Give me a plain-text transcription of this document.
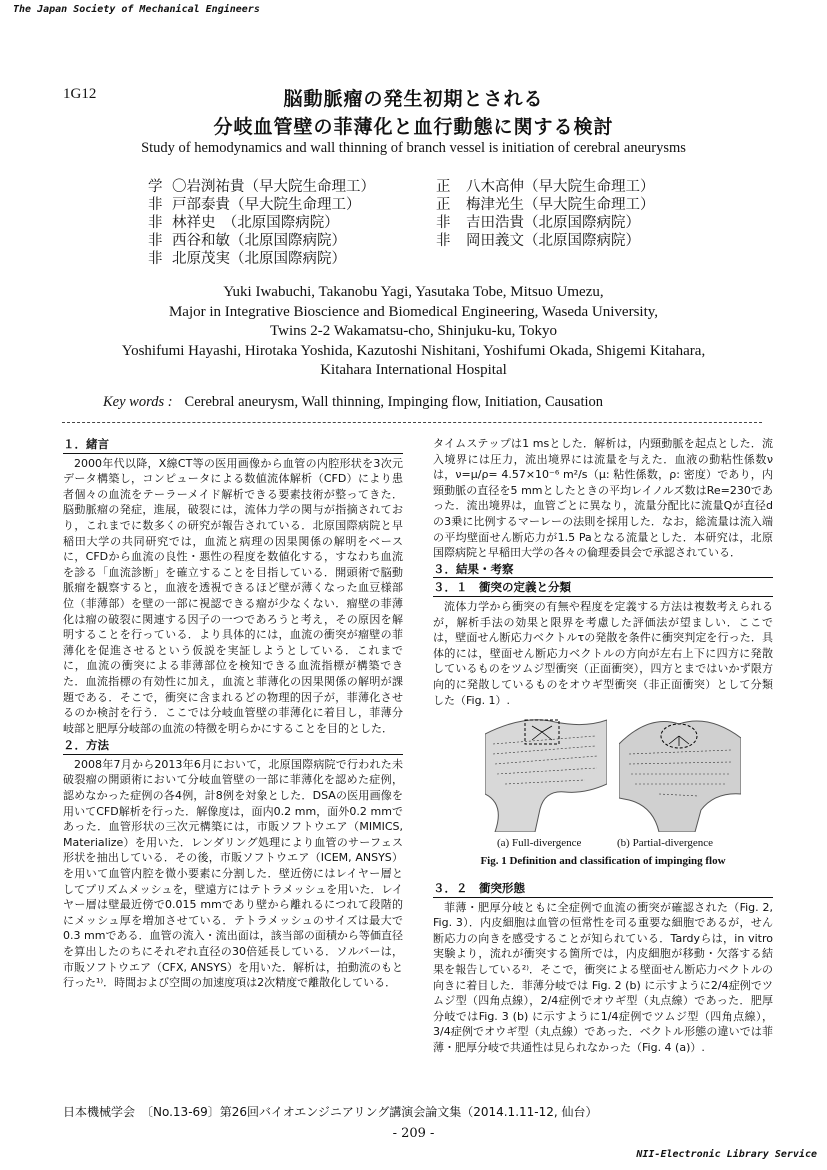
The Japan Society of Mechanical Engineers
1G12	脳動脈瘤の発生初期とされる
分岐血管壁の菲薄化と血行動態に関する検討
Study of hemodynamics and wall thinning of branch vessel is initiation of cerebral aneurysms
学 〇岩渕祐貴（早大院生命理工）	正 八木高伸（早大院生命理工）
非 戸部泰貴（早大院生命理工）	正 梅津光生（早大院生命理工）
非 林祥史　（北原国際病院）	非 吉田浩貴（北原国際病院）
非 西谷和敏（北原国際病院）	非 岡田義文（北原国際病院）
非 北原茂実（北原国際病院）
Yuki Iwabuchi, Takanobu Yagi, Yasutaka Tobe, Mitsuo Umezu,
Major in Integrative Bioscience and Biomedical Engineering, Waseda University,
Twins 2-2 Wakamatsu-cho, Shinjuku-ku, Tokyo
Yoshifumi Hayashi, Hirotaka Yoshida, Kazutoshi Nishitani, Yoshifumi Okada, Shigemi Kitahara,
Kitahara International Hospital
Key words : Cerebral aneurysm, Wall thinning, Impinging flow, Initiation, Causation
１．緒言

2000年代以降，X線CT等の医用画像から血管の内腔形状を3次元データ構築し，コンピュータによる数値流体解析（CFD）により患者個々の血流をテーラーメイド解析できる要素技術が整ってきた．脳動脈瘤の発症，進展，破裂には，流体力学の関与が指摘されており，これまでに数多くの研究が報告されている．北原国際病院と早稲田大学の共同研究では，血流と病理の因果関係の解明をベースに，CFDから血流の良性・悪性の程度を数値化する，すなわち血流を診る「血流診断」を確立することを目指している．開頭術で脳動脈瘤を観察すると，血液を透視できるほど壁が薄くなった血豆様部位（菲薄部）を壁の一部に視認できる瘤が少なくない．瘤壁の菲薄化は瘤の破裂に関連する因子の一つであろうと考え，その原因を解明することを行っている．より具体的には，血流の衝突が瘤壁の菲薄化を促進させるという仮説を実証しようとしている．これまでに，血流の衝突による菲薄部位を検知できる血流指標が構築できた．血流指標の有効性に加え，血流と菲薄化の因果関係の解明が課題である．そこで，衝突に含まれるどの物理的因子が，菲薄化させるのか検討を行う．ここでは分岐血管壁の菲薄化に着目し，菲薄分岐部と肥厚分岐部の血流の特徴を明らかにすることを目的とした．

２．方法

2008年7月から2013年6月において，北原国際病院で行われた未破裂瘤の開頭術において分岐血管壁の一部に菲薄化を認めた症例，認めなかった症例の各4例，計8例を対象とした．DSAの医用画像を用いてCFD解析を行った．解像度は，面内0.2 mm，面外0.2 mmであった．血管形状の三次元構築には，市販ソフトウエア（MIMICS, Materialize）を用いた．レンダリング処理により血管のサーフェス形状を抽出している．その後，市販ソフトウエア（ICEM, ANSYS）を用いて血管内腔を微小要素に分割した．壁近傍にはレイヤー層としてプリズムメッシュを，壁遠方にはテトラメッシュを用いた．レイヤー層は壁最近傍で0.015 mmであり壁から離れるにつれて段階的にメッシュ厚を増加させている．テトラメッシュのサイズは最大で0.3 mmである．血管の流入・流出面は，該当部の面積から等価直径を算出したのちにそれぞれ直径の30倍延長している．ソルバーは，市販ソフトウエア（CFX, ANSYS）を用いた．解析は，拍動流のもと行った¹⁾．時間および空間の加速度項は2次精度で離散化している．

タイムステップは1 msとした．解析は，内頸動脈を起点とした．流入境界には圧力，流出境界には流量を与えた．血液の動粘性係数νは，ν=μ/ρ= 4.57×10⁻⁶ m²/s（μ: 粘性係数，ρ: 密度）であり，内頸動脈の直径を5 mmとしたときの平均レイノルズ数はRe=230であった．流出境界は，血管ごとに異なり，流量分配比に流量Qが直径dの3乗に比例するマーレーの法則を採用した．なお，総流量は流入端の平均壁面せん断応力が1.5 Paとなる流量とした．本研究は，北原国際病院と早稲田大学の各々の倫理委員会で承認されている．

３．結果・考察
３．１　衝突の定義と分類

流体力学から衝突の有無や程度を定義する方法は複数考えられるが，解析手法の効果と限界を考慮した評価法が望ましい．ここでは，壁面せん断応力ベクトルτの発散を条件に衝突判定を行った．具体的には，壁面せん断応力ベクトルの方向が左右上下に四方に発散しているものをツムジ型衝突（正面衝突），四方とまではいかず限方向的に発散しているものをオウギ型衝突（非正面衝突）として分類した（Fig. 1）.

(a) Full-divergence	(b) Partial-divergence
Fig. 1 Definition and classification of impinging flow
３．２　衝突形態

菲薄・肥厚分岐ともに全症例で血流の衝突が確認された（Fig. 2, Fig. 3）．内皮細胞は血管の恒常性を司る重要な細胞であるが，せん断応力の向きを感受することが知られている．Tardyらは，in vitro実験より，流れが衝突する箇所では，内皮細胞が移動・欠落する結果を報告している²⁾．そこで，衝突による壁面せん断応力ベクトルの向きに着目した．菲薄分岐では Fig. 2 (b) に示すように2/4症例でツムジ型（四角点線），2/4症例でオウギ型（丸点線）であった．肥厚分岐ではFig. 3 (b) に示すように1/4症例でツムジ型（四角点線），3/4症例でオウギ型（丸点線）であった．ベクトル形態の違いでは菲薄・肥厚分岐で共通性は見られなかった（Fig. 4 (a)）.

日本機械学会　〔No.13-69〕第26回バイオエンジニアリング講演会論文集（2014.1.11-12, 仙台）
- 209 -
NII-Electronic Library Service
